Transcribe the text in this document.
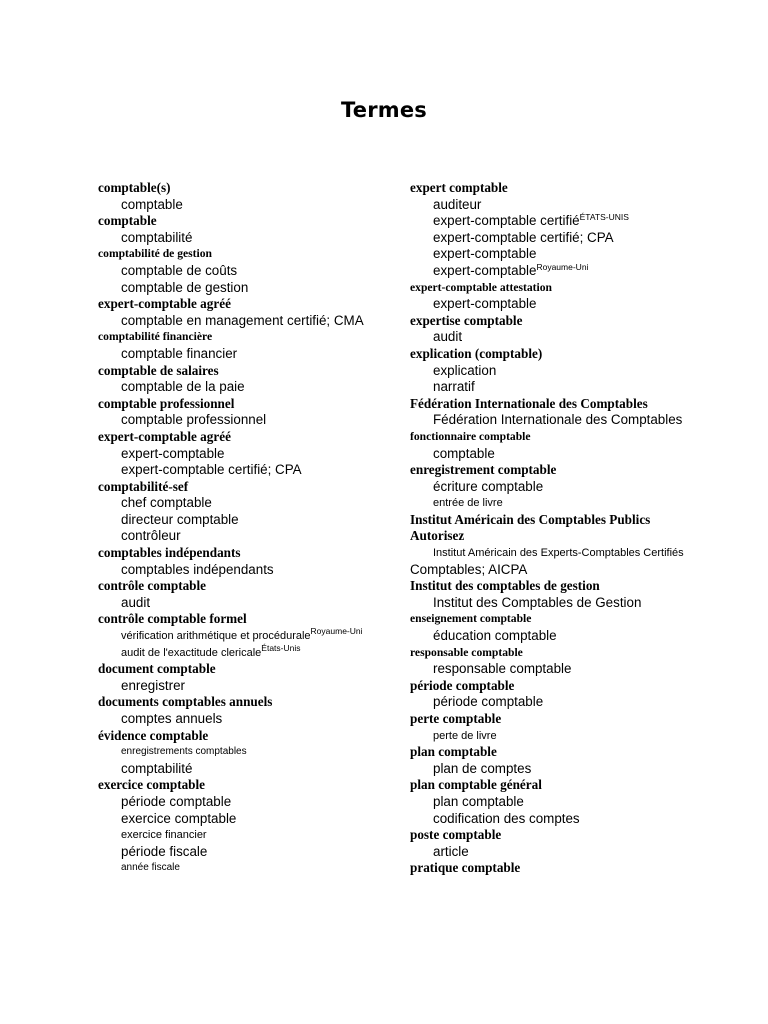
Termes
comptable(s)
comptable
comptable
comptabilité
comptabilité de gestion
comptable de coûts
comptable de gestion
expert-comptable agréé
comptable en management certifié; CMA
comptabilité financière
comptable financier
comptable de salaires
comptable de la paie
comptable professionnel
comptable professionnel
expert-comptable agréé
expert-comptable
expert-comptable certifié; CPA
comptabilité-sef
chef comptable
directeur comptable
contrôleur
comptables indépendants
comptables indépendants
contrôle comptable
audit
contrôle comptable formel
vérification arithmétique et procédurale$^{Royaume-Uni}$
audit de l'exactitude clericale$^{États-Unis}$
document comptable
enregistrer
documents comptables annuels
comptes annuels
évidence comptable
enregistrements comptables
comptabilité
exercice comptable
période comptable
exercice comptable
exercice financier
période fiscale
année fiscale
expert comptable
auditeur
expert-comptable certifié$^{ÉTATS-UNIS}$
expert-comptable certifié; CPA
expert-comptable
expert-comptable$^{Royaume-Uni}$
expert-comptable attestation
expert-comptable
expertise comptable
audit
explication (comptable)
explication
narratif
Fédération Internationale des Comptables
Fédération Internationale des Comptables
fonctionnaire comptable
comptable
enregistrement comptable
écriture comptable
entrée de livre
Institut Américain des Comptables Publics
Autorisez
Institut Américain des Experts-Comptables Certifiés
Comptables; AICPA
Institut des comptables de gestion
Institut des Comptables de Gestion
enseignement comptable
éducation comptable
responsable comptable
responsable comptable
période comptable
période comptable
perte comptable
perte de livre
plan comptable
plan de comptes
plan comptable général
plan comptable
codification des comptes
poste comptable
article
pratique comptable
